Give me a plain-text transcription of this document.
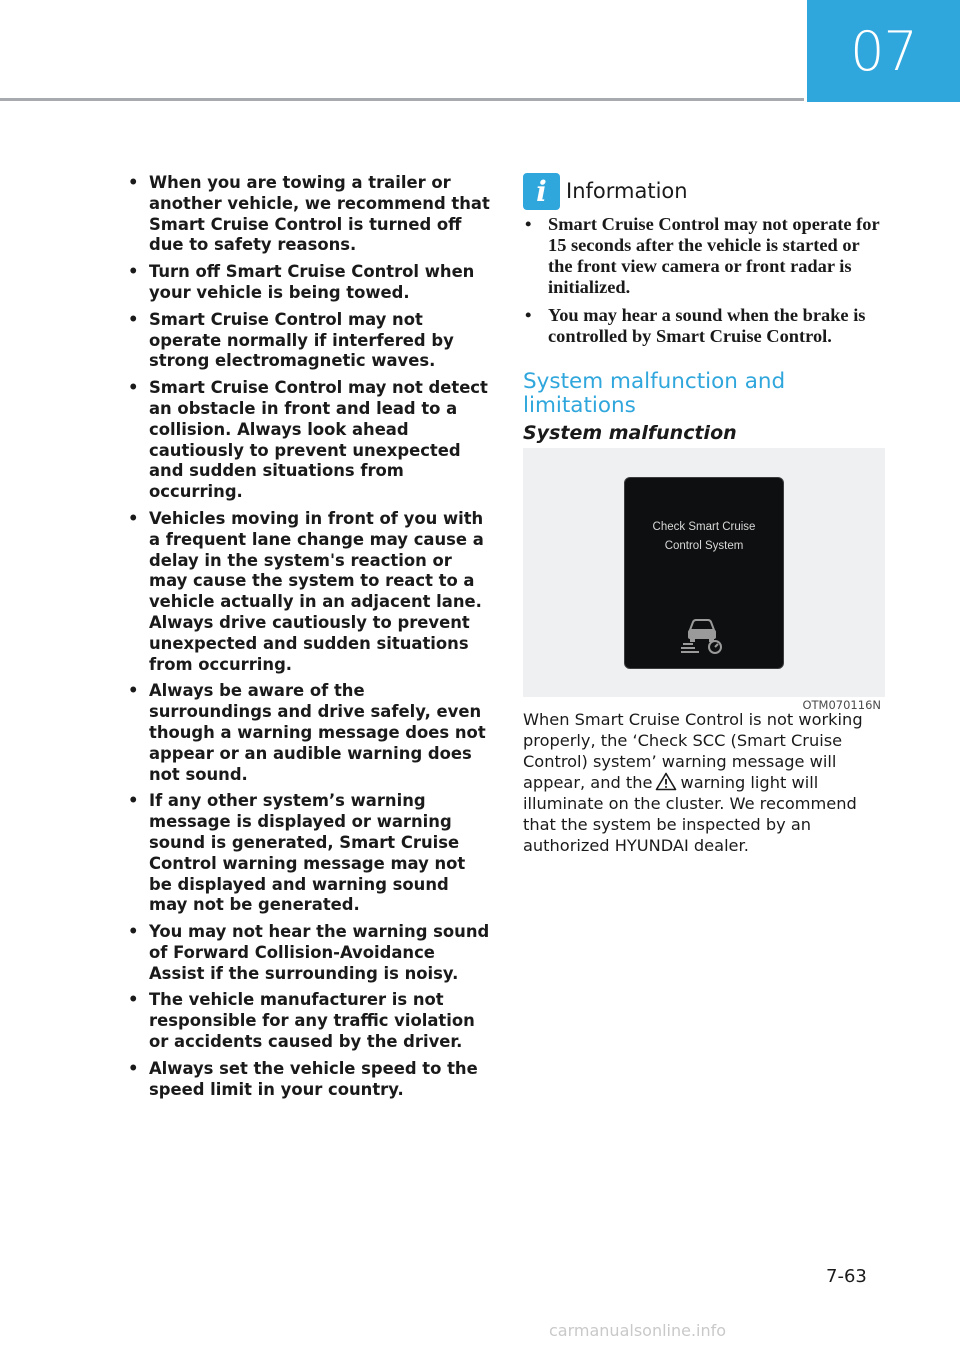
07
• When you are towing a trailer or another vehicle, we recommend that Smart Cruise Control is turned off due to safety reasons.
• Turn off Smart Cruise Control when your vehicle is being towed.
• Smart Cruise Control may not operate normally if interfered by strong electromagnetic waves.
• Smart Cruise Control may not detect an obstacle in front and lead to a collision. Always look ahead cautiously to prevent unexpected and sudden situations from occurring.
• Vehicles moving in front of you with a frequent lane change may cause a delay in the system's reaction or may cause the system to react to a vehicle actually in an adjacent lane. Always drive cautiously to prevent unexpected and sudden situations from occurring.
• Always be aware of the surroundings and drive safely, even though a warning message does not appear or an audible warning does not sound.
• If any other system’s warning message is displayed or warning sound is generated, Smart Cruise Control warning message may not be displayed and warning sound may not be generated.
• You may not hear the warning sound of Forward Collision-Avoidance Assist if the surrounding is noisy.
• The vehicle manufacturer is not responsible for any traffic violation or accidents caused by the driver.
• Always set the vehicle speed to the speed limit in your country.
i Information
• Smart Cruise Control may not operate for 15 seconds after the vehicle is started or the front view camera or front radar is initialized.
• You may hear a sound when the brake is controlled by Smart Cruise Control.
System malfunction and limitations
System malfunction
Check Smart Cruise
Control System
OTM070116N

When Smart Cruise Control is not working properly, the ‘Check SCC (Smart Cruise Control) system’ warning message will appear, and the warning light will illuminate on the cluster. We recommend that the system be inspected by an authorized HYUNDAI dealer.

7-63
carmanualsonline.info
